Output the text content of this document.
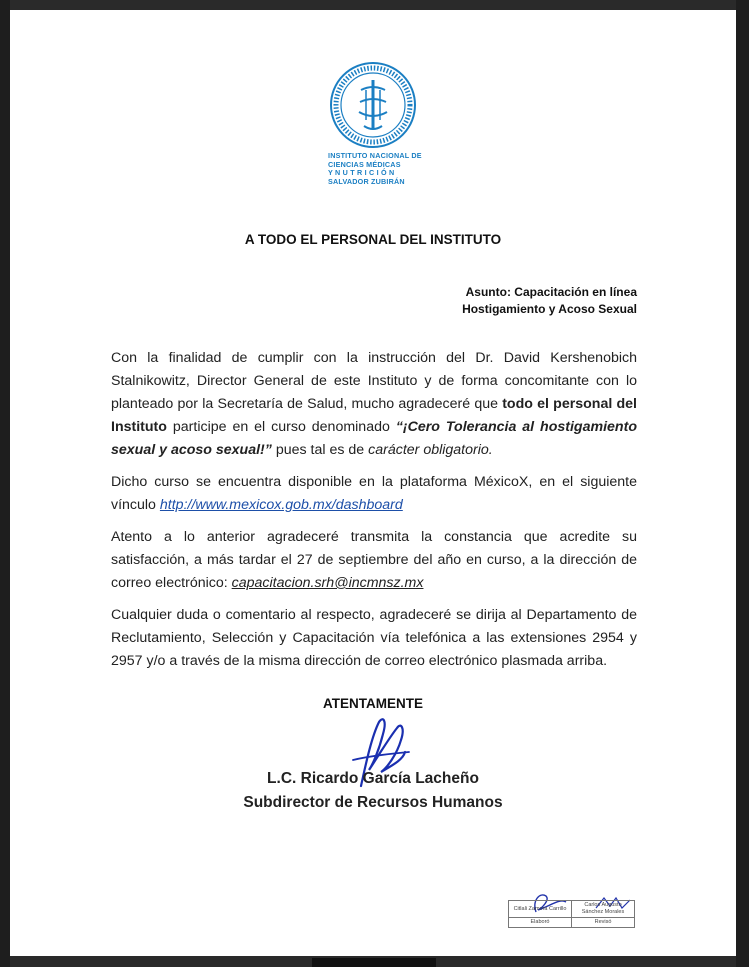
INSTITUTO NACIONAL DE
CIENCIAS MÉDICAS
Y N U T R I C I Ó N
SALVADOR ZUBIRÁN
A TODO EL PERSONAL DEL INSTITUTO
Asunto: Capacitación en línea
Hostigamiento y Acoso Sexual

Con la finalidad de cumplir con la instrucción del Dr. David Kershenobich Stalnikowitz, Director General de este Instituto y de forma concomitante con lo planteado por la Secretaría de Salud, mucho agradeceré que todo el personal del Instituto participe en el curso denominado “¡Cero Tolerancia al hostigamiento sexual y acoso sexual!” pues tal es de carácter obligatorio.

Dicho curso se encuentra disponible en la plataforma MéxicoX, en el siguiente vínculo http://www.mexicox.gob.mx/dashboard

Atento a lo anterior agradeceré transmita la constancia que acredite su satisfacción, a más tardar el 27 de septiembre del año en curso, a la dirección de correo electrónico: capacitacion.srh@incmnsz.mx

Cualquier duda o comentario al respecto, agradeceré se dirija al Departamento de Reclutamiento, Selección y Capacitación vía telefónica a las extensiones 2954 y 2957 y/o a través de la misma dirección de correo electrónico plasmada arriba.

ATENTAMENTE
L.C. Ricardo García Lacheño
Subdirector de Recursos Humanos
Citlali Zamora Carrillo	Carlos Augusto Sánchez Morales
Elaboró	Revisó
